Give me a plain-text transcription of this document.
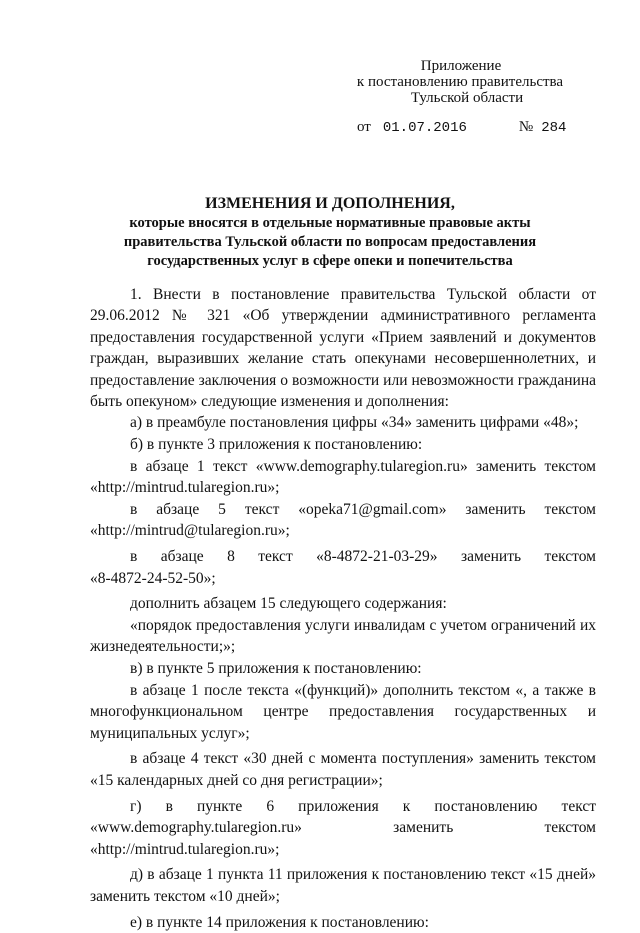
Приложение
к постановлению правительства
Тульской области
от 01.07.2016	№ 284
ИЗМЕНЕНИЯ И ДОПОЛНЕНИЯ,
которые вносятся в отдельные нормативные правовые акты
правительства Тульской области по вопросам предоставления
государственных услуг в сфере опеки и попечительства

1. Внести в постановление правительства Тульской области от 29.06.2012 № 321 «Об утверждении административного регламента предоставления государственной услуги «Прием заявлений и документов граждан, выразивших желание стать опекунами несовершеннолетних, и предоставление заключения о возможности или невозможности гражданина быть опекуном» следующие изменения и дополнения:

а) в преамбуле постановления цифры «34» заменить цифрами «48»;

б) в пункте 3 приложения к постановлению:

в абзаце 1 текст «www.demography.tularegion.ru» заменить текстом «http://mintrud.tularegion.ru»;

в абзаце 5 текст «opeka71@gmail.com» заменить текстом

«http://mintrud@tularegion.ru»;

в абзаце 8 текст «8-4872-21-03-29» заменить текстом

«8-4872-24-52-50»;

дополнить абзацем 15 следующего содержания:

«порядок предоставления услуги инвалидам с учетом ограничений их жизнедеятельности;»;

в) в пункте 5 приложения к постановлению:

в абзаце 1 после текста «(функций)» дополнить текстом «, а также в многофункциональном центре предоставления государственных и муниципальных услуг»;

в абзаце 4 текст «30 дней с момента поступления» заменить текстом «15 календарных дней со дня регистрации»;

г) в пункте 6 приложения к постановлению текст

«www.demography.tularegion.ru» заменить текстом

«http://mintrud.tularegion.ru»;

д) в абзаце 1 пункта 11 приложения к постановлению текст «15 дней» заменить текстом «10 дней»;

е) в пункте 14 приложения к постановлению:
